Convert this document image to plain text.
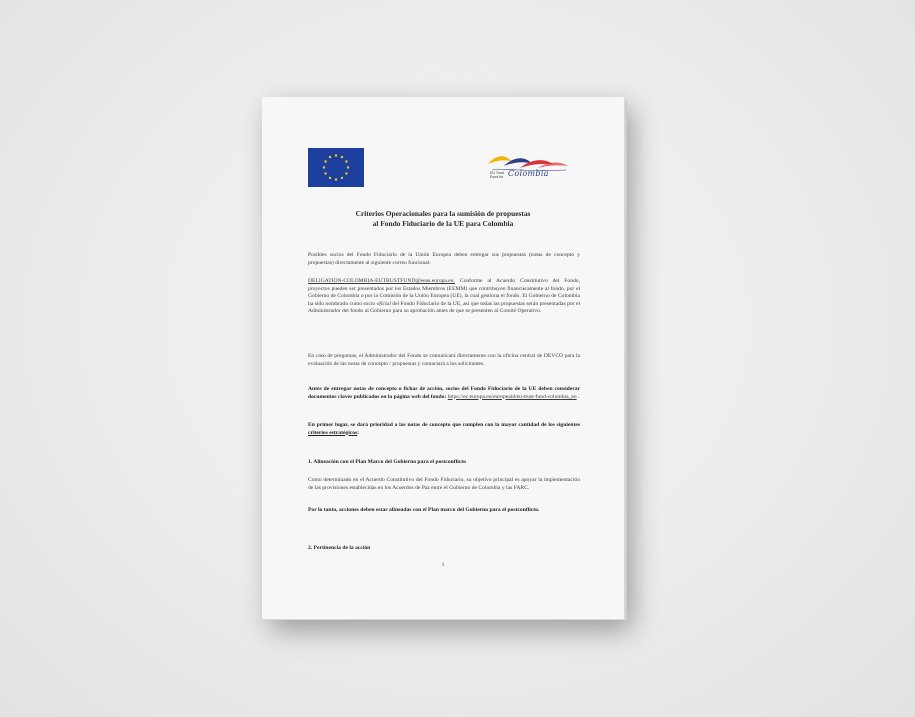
EU Trust
Fund for Colombia
Criterios Operacionales para la sumisión de propuestas
al Fondo Fiduciario de la UE para Colombia
Posibles socios del Fondo Fiduciario de la Unión Europea deben entregar sus propuestas (notas de concepto y propuestas) directamente al siguiente correo funcional:
DELIGATION-COLOMBIA-EUTRUSTFUND@eeas.europa.eu. Conforme al Acuerdo Constitutivo del Fondo, proyectos pueden ser presentados por los Estados Miembros (EEMM) que contribuyen financieramente al fondo, por el Gobierno de Colombia o por la Comisión de la Unión Europea (UE), la cual gestiona el fondo. El Gobierno de Colombia ha sido nombrado como socio oficial del Fondo Fiduciario de la UE, así que todas las propuestas serán presentadas por el Administrador del fondo al Gobierno para su aprobación antes de que se presenten al Comité Operativo.
En caso de preguntas, el Administrador del Fondo se comunicará directamente con la oficina central de DEVCO para la evaluación de las notas de concepto / propuestas y contactará a los solicitantes.
Antes de entregar notas de concepto o fichas de acción, socios del Fondo Fiduciario de la UE deben considerar documentos claves publicados en la página web del fondo: https://ec.europa.eu/europeaid/eu-trust-fund-colombia_en .
En primer lugar, se dará prioridad a las notas de concepto que cumplen con la mayor cantidad de los siguientes criterios estratégicos:
1. Alineación con el Plan Marco del Gobierno para el postconflicto
Como determinado en el Acuerdo Constitutivo del Fondo Fiduciario, su objetivo principal es apoyar la implementación de las provisiones establecidas en los Acuerdos de Paz entre el Gobierno de Colombia y las FARC.
Por lo tanto, acciones deben estar alineadas con el Plan marco del Gobierno para el postconflicto.
2. Pertinencia de la acción
1
